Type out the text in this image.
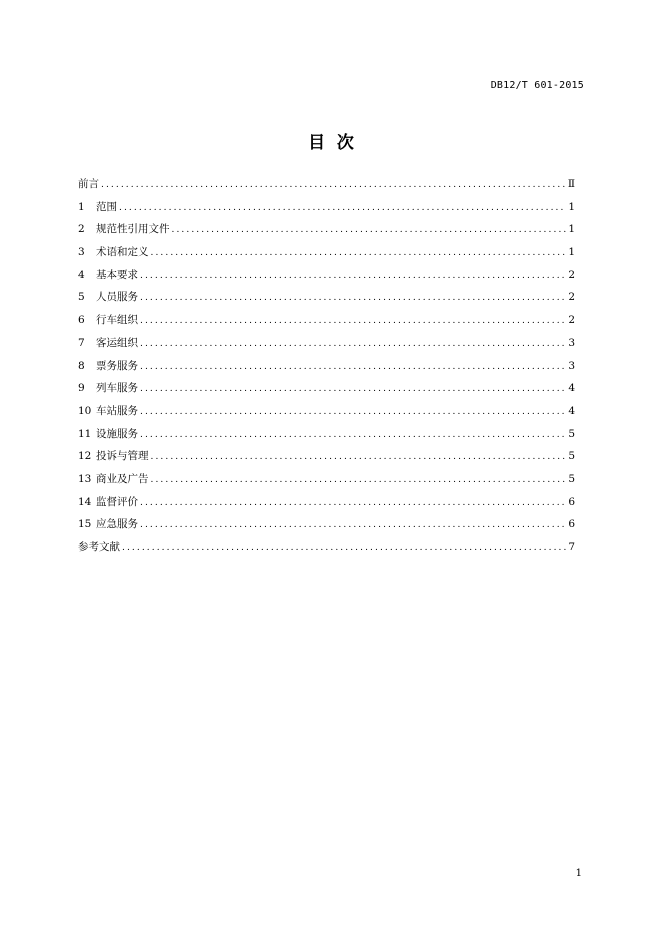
DB12/T 601-2015
目  次
前言 .....	Ⅱ
1	范围 .....	1
2	规范性引用文件 .....	1
3	术语和定义 .....	1
4	基本要求 .....	2
5	人员服务 .....	2
6	行车组织 .....	2
7	客运组织 .....	3
8	票务服务 .....	3
9	列车服务 .....	4
10 车站服务 .....	4
11 设施服务 .....	5
12 投诉与管理 .....	5
13 商业及广告 .....	5
14 监督评价 .....	6
15 应急服务 .....	6
参考文献 .....	7
1
